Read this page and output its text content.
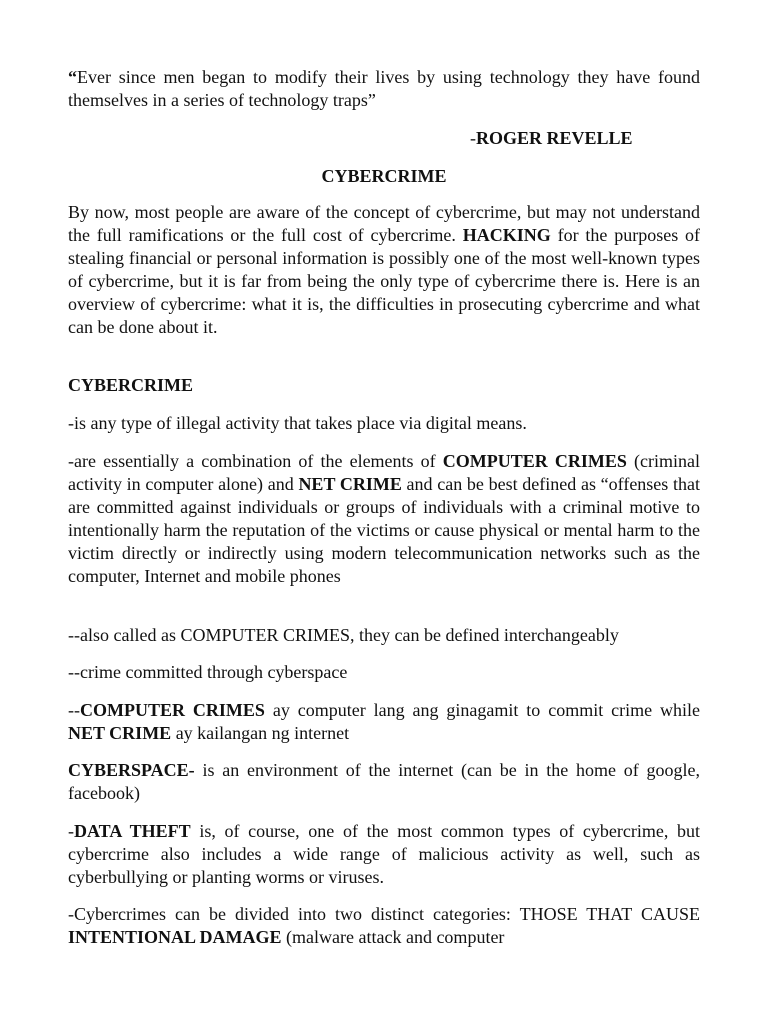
“Ever since men began to modify their lives by using technology they have found themselves in a series of technology traps”

-ROGER REVELLE

CYBERCRIME

By now, most people are aware of the concept of cybercrime, but may not understand the full ramifications or the full cost of cybercrime. HACKING for the purposes of stealing financial or personal information is possibly one of the most well-known types of cybercrime, but it is far from being the only type of cybercrime there is. Here is an overview of cybercrime: what it is, the difficulties in prosecuting cybercrime and what can be done about it.

CYBERCRIME

-is any type of illegal activity that takes place via digital means.

-are essentially a combination of the elements of COMPUTER CRIMES (criminal activity in computer alone) and NET CRIME and can be best defined as “offenses that are committed against individuals or groups of individuals with a criminal motive to intentionally harm the reputation of the victims or cause physical or mental harm to the victim directly or indirectly using modern telecommunication networks such as the computer, Internet and mobile phones

--also called as COMPUTER CRIMES, they can be defined interchangeably

--crime committed through cyberspace

--COMPUTER CRIMES ay computer lang ang ginagamit to commit crime while NET CRIME ay kailangan ng internet

CYBERSPACE- is an environment of the internet (can be in the home of google, facebook)

-DATA THEFT is, of course, one of the most common types of cybercrime, but cybercrime also includes a wide range of malicious activity as well, such as cyberbullying or planting worms or viruses.

-Cybercrimes can be divided into two distinct categories: THOSE THAT CAUSE INTENTIONAL DAMAGE (malware attack and computer
